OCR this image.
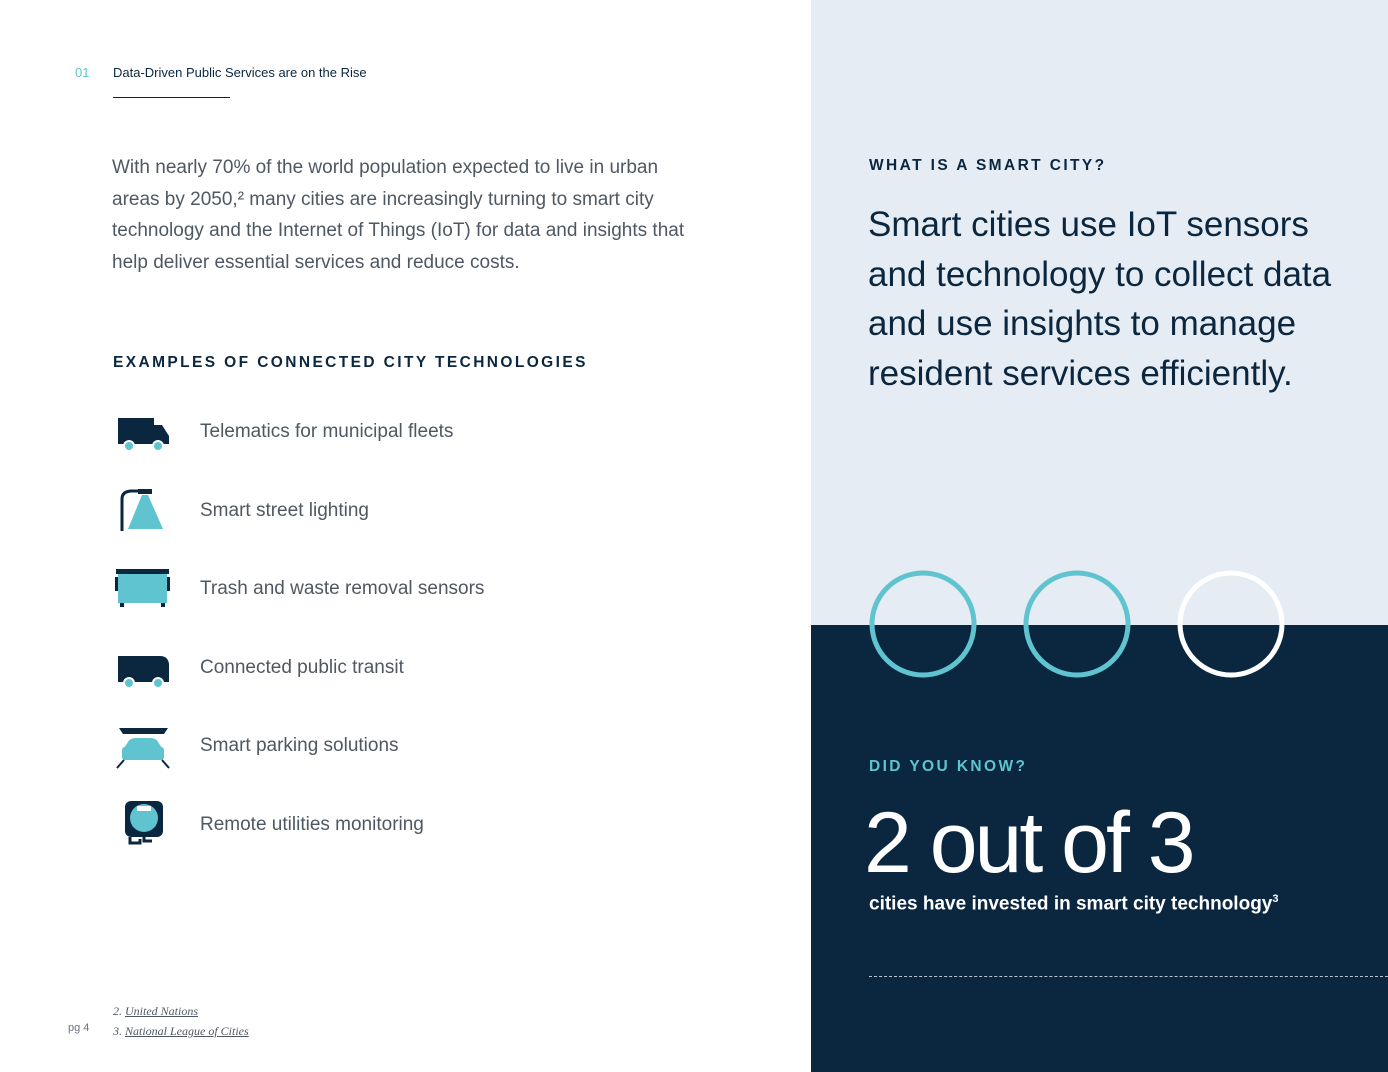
01 Data-Driven Public Services are on the Rise

With nearly 70% of the world population expected to live in urban areas by 2050,² many cities are increasingly turning to smart city technology and the Internet of Things (IoT) for data and insights that help deliver essential services and reduce costs.

EXAMPLES OF CONNECTED CITY TECHNOLOGIES
Telematics for municipal fleets
Smart street lighting
Trash and waste removal sensors
Connected public transit
Smart parking solutions
Remote utilities monitoring
pg 4
2. United Nations
3. National League of Cities
WHAT IS A SMART CITY?

Smart cities use IoT sensors and technology to collect data and use insights to manage resident services efficiently.

DID YOU KNOW?
2 out of 3
cities have invested in smart city technology$^3$
